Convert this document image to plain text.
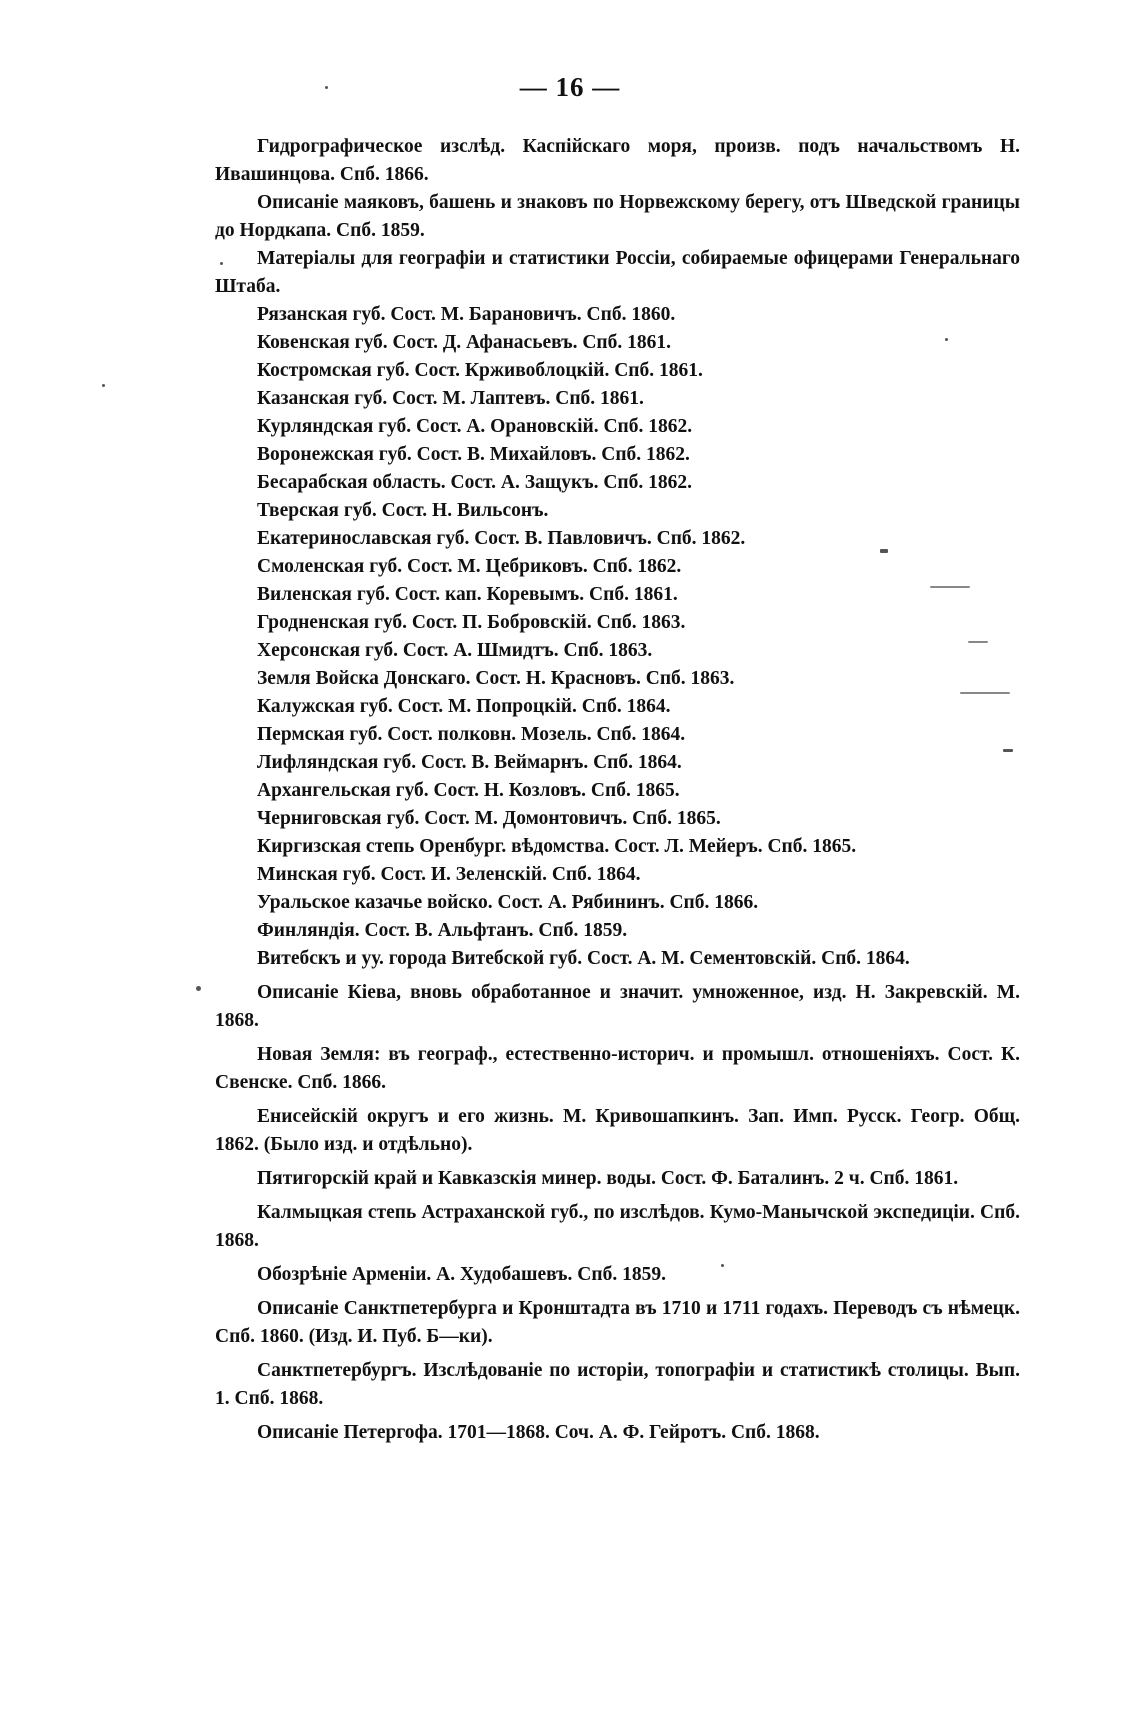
— 16 —

Гидрографическое изслѣд. Каспійскаго моря, произв. подъ начальствомъ Н. Ивашинцова. Спб. 1866.

Описаніе маяковъ, башень и знаковъ по Норвежскому берегу, отъ Шведской границы до Нордкапа. Спб. 1859.

Матеріалы для географіи и статистики Россіи, собираемые офицерами Генеральнаго Штаба.

Рязанская губ. Сост. М. Барановичъ. Спб. 1860.
Ковенская губ. Сост. Д. Афанасьевъ. Спб. 1861.
Костромская губ. Сост. Крживоблоцкій. Спб. 1861.
Казанская губ. Сост. М. Лаптевъ. Спб. 1861.
Курляндская губ. Сост. А. Орановскій. Спб. 1862.
Воронежская губ. Сост. В. Михайловъ. Спб. 1862.
Бесарабская область. Сост. А. Защукъ. Спб. 1862.
Тверская губ. Сост. Н. Вильсонъ.
Екатеринославская губ. Сост. В. Павловичъ. Спб. 1862.
Смоленская губ. Сост. М. Цебриковъ. Спб. 1862.
Виленская губ. Сост. кап. Коревымъ. Спб. 1861.
Гродненская губ. Сост. П. Бобровскій. Спб. 1863.
Херсонская губ. Сост. А. Шмидтъ. Спб. 1863.
Земля Войска Донскаго. Сост. Н. Красновъ. Спб. 1863.
Калужская губ. Сост. М. Попроцкій. Спб. 1864.
Пермская губ. Сост. полковн. Мозель. Спб. 1864.
Лифляндская губ. Сост. В. Веймарнъ. Спб. 1864.
Архангельская губ. Сост. Н. Козловъ. Спб. 1865.
Черниговская губ. Сост. М. Домонтовичъ. Спб. 1865.
Киргизская степь Оренбург. вѣдомства. Сост. Л. Мейеръ. Спб. 1865.
Минская губ. Сост. И. Зеленскій. Спб. 1864.
Уральское казачье войско. Сост. А. Рябининъ. Спб. 1866.
Финляндія. Сост. В. Альфтанъ. Спб. 1859.

Витебскъ и уу. города Витебской губ. Сост. А. М. Сементовскій. Спб. 1864.

Описаніе Кіева, вновь обработанное и значит. умноженное, изд. Н. Закревскій. М. 1868.

Новая Земля: въ географ., естественно-историч. и промышл. отношеніяхъ. Сост. К. Свенске. Спб. 1866.

Енисейскій округъ и его жизнь. М. Кривошапкинъ. Зап. Имп. Русск. Геогр. Общ. 1862. (Было изд. и отдѣльно).

Пятигорскій край и Кавказскія минер. воды. Сост. Ф. Баталинъ. 2 ч. Спб. 1861.

Калмыцкая степь Астраханской губ., по изслѣдов. Кумо-Манычской экспедиціи. Спб. 1868.

Обозрѣніе Арменіи. А. Худобашевъ. Спб. 1859.

Описаніе Санктпетербурга и Кронштадта въ 1710 и 1711 годахъ. Переводъ съ нѣмецк. Спб. 1860. (Изд. И. Пуб. Б—ки).

Санктпетербургъ. Изслѣдованіе по исторіи, топографіи и статистикѣ столицы. Вып. 1. Спб. 1868.

Описаніе Петергофа. 1701—1868. Соч. А. Ф. Гейротъ. Спб. 1868.
